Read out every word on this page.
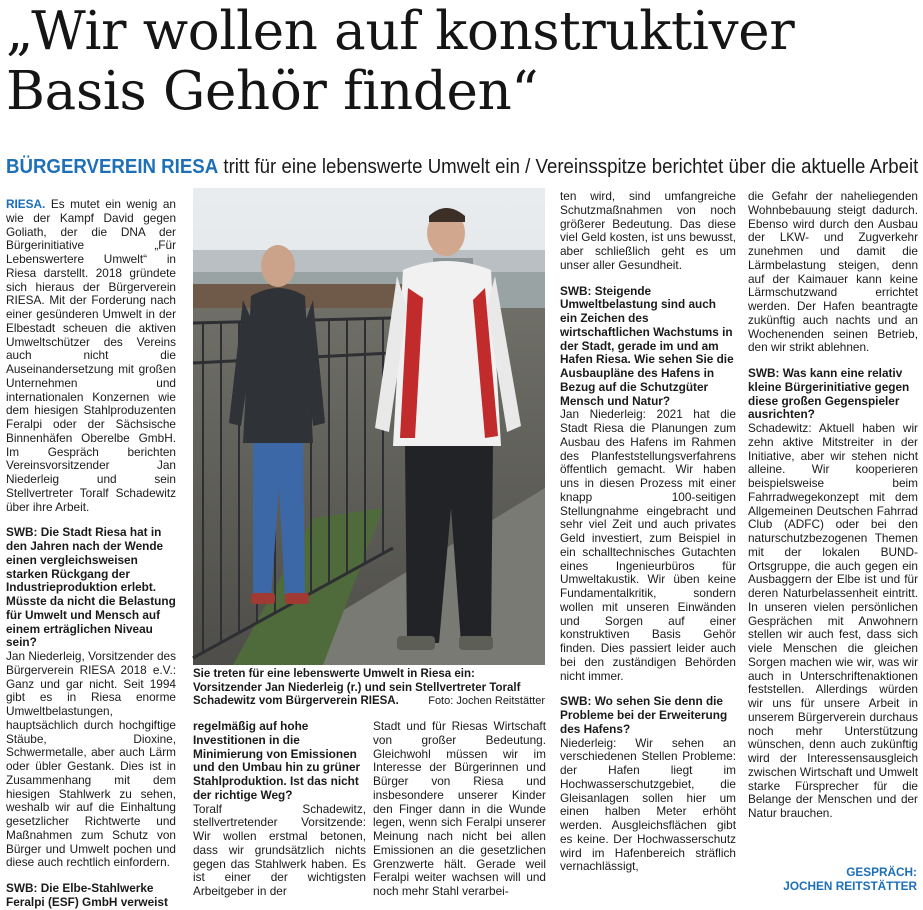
„Wir wollen auf konstruktiver
Basis Gehör finden“
BÜRGERVEREIN RIESA tritt für eine lebenswerte Umwelt ein / Vereinsspitze berichtet über die aktuelle Arbeit

RIESA. Es mutet ein wenig an wie der Kampf David gegen Goliath, der die DNA der Bürgerinitiative „Für Lebenswertere Umwelt“ in Riesa darstellt. 2018 gründete sich hieraus der Bürgerverein RIESA. Mit der Forderung nach einer gesünderen Umwelt in der Elbestadt scheuen die aktiven Umweltschützer des Vereins auch nicht die Auseinandersetzung mit großen Unternehmen und internationalen Konzernen wie dem hiesigen Stahlproduzenten Feralpi oder der Sächsische Binnenhäfen Oberelbe GmbH. Im Gespräch berichten Vereinsvorsitzender Jan Niederleig und sein Stellvertreter Toralf Schadewitz über ihre Arbeit.

SWB: Die Stadt Riesa hat in den Jahren nach der Wende einen vergleichsweisen starken Rückgang der Industrieproduktion erlebt. Müsste da nicht die Belastung für Umwelt und Mensch auf einem erträglichen Niveau sein?

Jan Niederleig, Vorsitzender des Bürgerverein RIESA 2018 e.V.: Ganz und gar nicht. Seit 1994 gibt es in Riesa enorme Umweltbelastungen, hauptsächlich durch hochgiftige Stäube, Dioxine, Schwermetalle, aber auch Lärm oder übler Gestank. Dies ist in Zusammenhang mit dem hiesigen Stahlwerk zu sehen, weshalb wir auf die Einhaltung gesetzlicher Richtwerte und Maßnahmen zum Schutz von Bürger und Umwelt pochen und diese auch rechtlich einfordern.

SWB: Die Elbe-Stahlwerke Feralpi (ESF) GmbH verweist

Sie treten für eine lebenswerte Umwelt in Riesa ein: Vorsitzender Jan Niederleig (r.) und sein Stellvertreter Toralf Schadewitz vom Bürgerverein RIESA.	Foto: Jochen Reitstätter

regelmäßig auf hohe Investitionen in die Minimierung von Emissionen und den Umbau hin zu grüner Stahlproduktion. Ist das nicht der richtige Weg?

Toralf Schadewitz, stellvertretender Vorsitzende: Wir wollen erstmal betonen, dass wir grundsätzlich nichts gegen das Stahlwerk haben. Es ist einer der wichtigsten Arbeitgeber in der

Stadt und für Riesas Wirtschaft von großer Bedeutung. Gleichwohl müssen wir im Interesse der Bürgerinnen und Bürger von Riesa und insbesondere unserer Kinder den Finger dann in die Wunde legen, wenn sich Feralpi unserer Meinung nach nicht bei allen Emissionen an die gesetzlichen Grenzwerte hält. Gerade weil Feralpi weiter wachsen will und noch mehr Stahl verarbei-

ten wird, sind umfangreiche Schutzmaßnahmen von noch größerer Bedeutung. Das diese viel Geld kosten, ist uns bewusst, aber schließlich geht es um unser aller Gesundheit.

SWB: Steigende Umweltbelastung sind auch ein Zeichen des wirtschaftlichen Wachstums in der Stadt, gerade im und am Hafen Riesa. Wie sehen Sie die Ausbaupläne des Hafens in Bezug auf die Schutzgüter Mensch und Natur?

Jan Niederleig: 2021 hat die Stadt Riesa die Planungen zum Ausbau des Hafens im Rahmen des Planfeststellungsverfahrens öffentlich gemacht. Wir haben uns in diesen Prozess mit einer knapp 100-seitigen Stellungnahme eingebracht und sehr viel Zeit und auch privates Geld investiert, zum Beispiel in ein schalltechnisches Gutachten eines Ingenieurbüros für Umweltakustik. Wir üben keine Fundamentalkritik, sondern wollen mit unseren Einwänden und Sorgen auf einer konstruktiven Basis Gehör finden. Dies passiert leider auch bei den zuständigen Behörden nicht immer.

SWB: Wo sehen Sie denn die Probleme bei der Erweiterung des Hafens?

Niederleig: Wir sehen an verschiedenen Stellen Probleme: der Hafen liegt im Hochwasserschutzgebiet, die Gleisanlagen sollen hier um einen halben Meter erhöht werden. Ausgleichsflächen gibt es keine. Der Hochwasserschutz wird im Hafenbereich sträflich vernachlässigt,

die Gefahr der naheliegenden Wohnbebauung steigt dadurch. Ebenso wird durch den Ausbau der LKW- und Zugverkehr zunehmen und damit die Lärmbelastung steigen, denn auf der Kaimauer kann keine Lärmschutzwand errichtet werden. Der Hafen beantragte zukünftig auch nachts und an Wochenenden seinen Betrieb, den wir strikt ablehnen.

SWB: Was kann eine relativ kleine Bürgerinitiative gegen diese großen Gegenspieler ausrichten?

Schadewitz: Aktuell haben wir zehn aktive Mitstreiter in der Initiative, aber wir stehen nicht alleine. Wir kooperieren beispielsweise beim Fahrradwegekonzept mit dem Allgemeinen Deutschen Fahrrad Club (ADFC) oder bei den naturschutzbezogenen Themen mit der lokalen BUND-Ortsgruppe, die auch gegen ein Ausbaggern der Elbe ist und für deren Naturbelassenheit eintritt. In unseren vielen persönlichen Gesprächen mit Anwohnern stellen wir auch fest, dass sich viele Menschen die gleichen Sorgen machen wie wir, was wir auch in Unterschriftenaktionen feststellen. Allerdings würden wir uns für unsere Arbeit in unserem Bürgerverein durchaus noch mehr Unterstützung wünschen, denn auch zukünftig wird der Interessensausgleich zwischen Wirtschaft und Umwelt starke Fürsprecher für die Belange der Menschen und der Natur brauchen.

GESPRÄCH:
JOCHEN REITSTÄTTER
